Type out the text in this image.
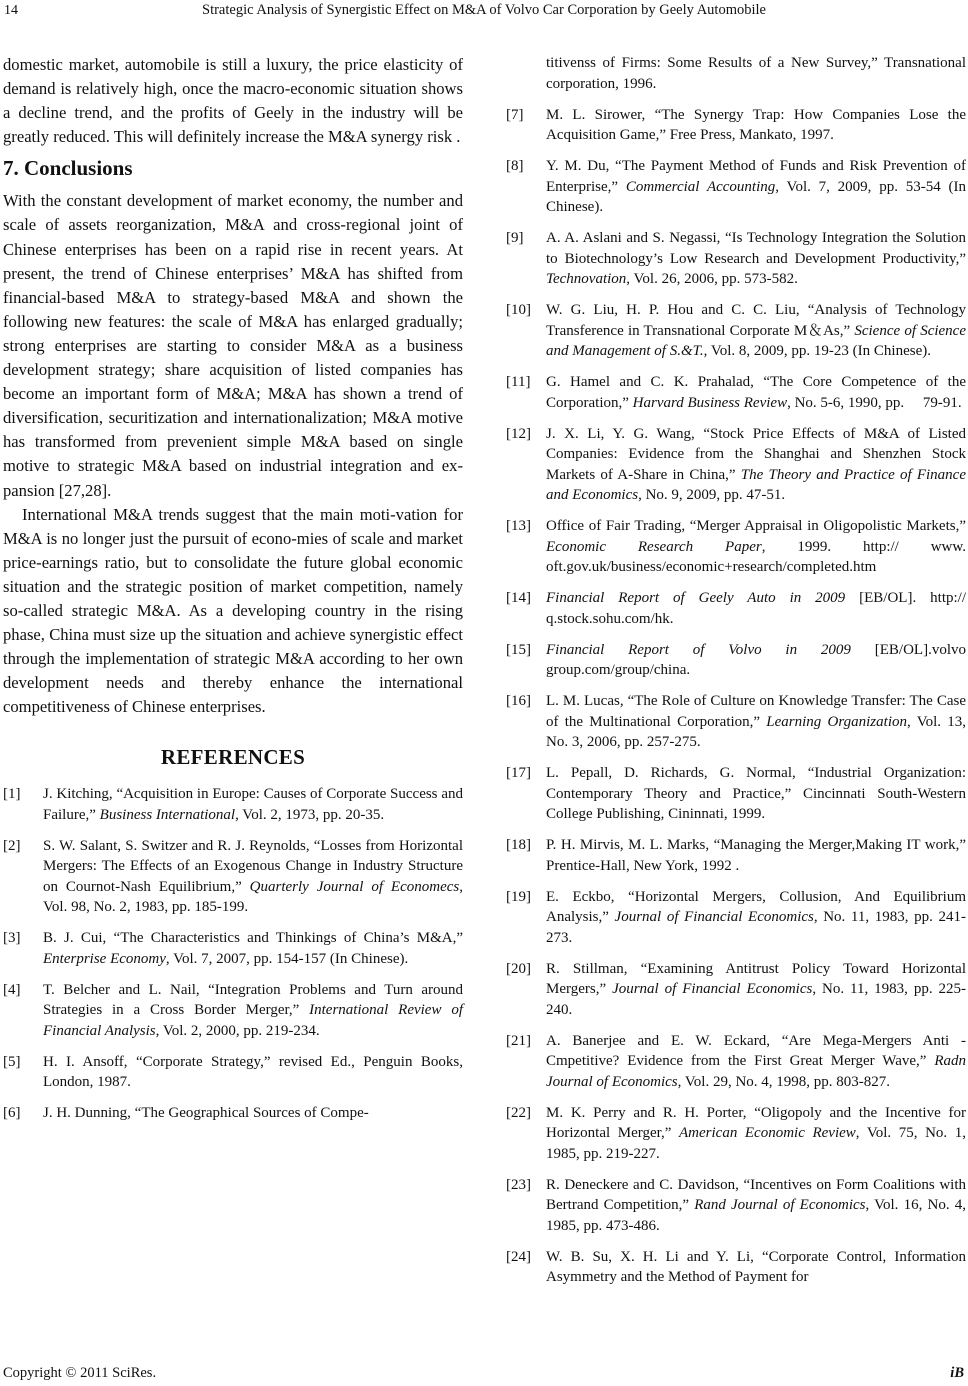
14	Strategic Analysis of Synergistic Effect on M&A of Volvo Car Corporation by Geely Automobile

domestic market, automobile is still a luxury, the price elasticity of demand is relatively high, once the macro-economic situation shows a decline trend, and the profits of Geely in the industry will be greatly reduced. This will definitely increase the M&A synergy risk .

7. Conclusions

With the constant development of market economy, the number and scale of assets reorganization, M&A and cross-regional joint of Chinese enterprises has been on a rapid rise in recent years. At present, the trend of Chinese enterprises’ M&A has shifted from financial-based M&A to strategy-based M&A and shown the following new features: the scale of M&A has enlarged gradually; strong enterprises are starting to consider M&A as a business development strategy; share acquisition of listed companies has become an important form of M&A; M&A has shown a trend of diversification, securitization and internationalization; M&A motive has transformed from prevenient simple M&A based on single motive to strategic M&A based on industrial integration and ex-pansion [27,28].

International M&A trends suggest that the main moti-vation for M&A is no longer just the pursuit of econo-mies of scale and market price-earnings ratio, but to consolidate the future global economic situation and the strategic position of market competition, namely so-called strategic M&A. As a developing country in the rising phase, China must size up the situation and achieve synergistic effect through the implementation of strategic M&A according to her own development needs and thereby enhance the international competitiveness of Chinese enterprises.

REFERENCES
[1] J. Kitching, “Acquisition in Europe: Causes of Corporate Success and Failure,” Business International, Vol. 2, 1973, pp. 20-35.
[2] S. W. Salant, S. Switzer and R. J. Reynolds, “Losses from Horizontal Mergers: The Effects of an Exogenous Change in Industry Structure on Cournot-Nash Equilibrium,” Quarterly Journal of Economecs, Vol. 98, No. 2, 1983, pp. 185-199.
[3] B. J. Cui, “The Characteristics and Thinkings of China’s M&A,” Enterprise Economy, Vol. 7, 2007, pp. 154-157 (In Chinese).
[4] T. Belcher and L. Nail, “Integration Problems and Turn around Strategies in a Cross Border Merger,” International Review of Financial Analysis, Vol. 2, 2000, pp. 219-234.
[5] H. I. Ansoff, “Corporate Strategy,” revised Ed., Penguin Books, London, 1987.
[6] J. H. Dunning, “The Geographical Sources of Compe-
titivenss of Firms: Some Results of a New Survey,” Transnational corporation, 1996.
[7] M. L. Sirower, “The Synergy Trap: How Companies Lose the Acquisition Game,” Free Press, Mankato, 1997.
[8] Y. M. Du, “The Payment Method of Funds and Risk Prevention of Enterprise,” Commercial Accounting, Vol. 7, 2009, pp. 53-54 (In Chinese).
[9] A. A. Aslani and S. Negassi, “Is Technology Integration the Solution to Biotechnology’s Low Research and Development Productivity,” Technovation, Vol. 26, 2006, pp. 573-582.
[10] W. G. Liu, H. P. Hou and C. C. Liu, “Analysis of Technology Transference in Transnational Corporate M＆As,” Science of Science and Management of S.&T., Vol. 8, 2009, pp. 19-23 (In Chinese).
[11] G. Hamel and C. K. Prahalad, “The Core Competence of the Corporation,” Harvard Business Review, No. 5-6, 1990, pp.  79-91.
[12] J. X. Li, Y. G. Wang, “Stock Price Effects of M&A of Listed Companies: Evidence from the Shanghai and Shenzhen Stock Markets of A-Share in China,” The Theory and Practice of Finance and Economics, No. 9, 2009, pp. 47-51.
[13] Office of Fair Trading, “Merger Appraisal in Oligopolistic Markets,” Economic Research Paper, 1999. http:// www. oft.gov.uk/business/economic+research/completed.htm
[14] Financial Report of Geely Auto in 2009 [EB/OL]. http:// q.stock.sohu.com/hk.
[15] Financial Report of Volvo in 2009 [EB/OL].volvo group.com/group/china.
[16] L. M. Lucas, “The Role of Culture on Knowledge Transfer: The Case of the Multinational Corporation,” Learning Organization, Vol. 13, No. 3, 2006, pp. 257-275.
[17] L. Pepall, D. Richards, G. Normal, “Industrial Organization: Contemporary Theory and Practice,” Cincinnati South-Western College Publishing, Cininnati, 1999.
[18] P. H. Mirvis, M. L. Marks, “Managing the Merger,Making IT work,” Prentice-Hall, New York, 1992 .
[19] E. Eckbo, “Horizontal Mergers, Collusion, And Equilibrium Analysis,” Journal of Financial Economics, No. 11, 1983, pp. 241-273.
[20] R. Stillman, “Examining Antitrust Policy Toward Horizontal Mergers,” Journal of Financial Economics, No. 11, 1983, pp. 225-240.
[21] A. Banerjee and E. W. Eckard, “Are Mega-Mergers Anti -Cmpetitive? Evidence from the First Great Merger Wave,” Radn Journal of Economics, Vol. 29, No. 4, 1998, pp. 803-827.
[22] M. K. Perry and R. H. Porter, “Oligopoly and the Incentive for Horizontal Merger,” American Economic Review, Vol. 75, No. 1, 1985, pp. 219-227.
[23] R. Deneckere and C. Davidson, “Incentives on Form Coalitions with Bertrand Competition,” Rand Journal of Economics, Vol. 16, No. 4, 1985, pp. 473-486.
[24] W. B. Su, X. H. Li and Y. Li, “Corporate Control, Information Asymmetry and the Method of Payment for
Copyright © 2011 SciRes.	iB
